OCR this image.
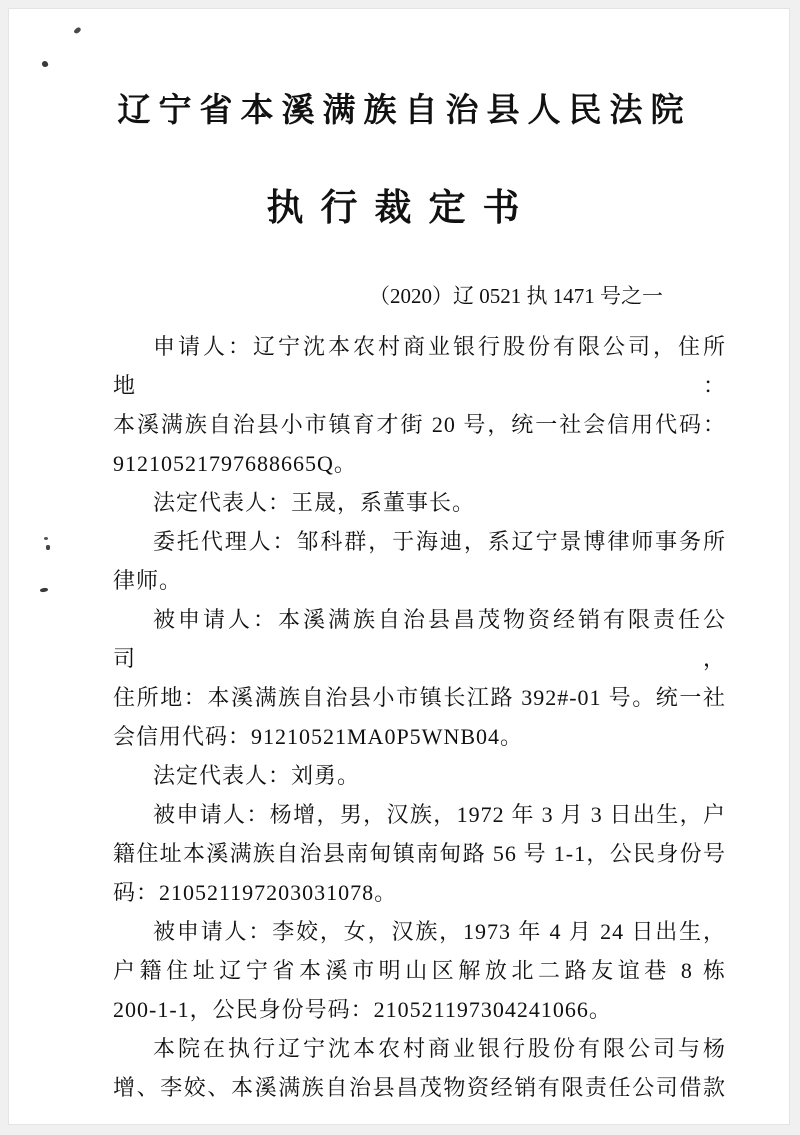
辽宁省本溪满族自治县人民法院
执行裁定书
（2020）辽 0521 执 1471 号之一
申请人：辽宁沈本农村商业银行股份有限公司，住所地：
本溪满族自治县小市镇育才街 20 号，统一社会信用代码：
91210521797688665Q。
法定代表人：王晟，系董事长。
委托代理人：邹科群，于海迪，系辽宁景博律师事务所
律师。
被申请人：本溪满族自治县昌茂物资经销有限责任公司，
住所地：本溪满族自治县小市镇长江路 392#-01 号。统一社
会信用代码：91210521MA0P5WNB04。
法定代表人：刘勇。
被申请人：杨增，男，汉族，1972 年 3 月 3 日出生，户
籍住址本溪满族自治县南甸镇南甸路 56 号 1-1，公民身份号
码：210521197203031078。
被申请人：李姣，女，汉族，1973 年 4 月 24 日出生，
户籍住址辽宁省本溪市明山区解放北二路友谊巷 8 栋
200-1-1，公民身份号码：210521197304241066。
本院在执行辽宁沈本农村商业银行股份有限公司与杨
增、李姣、本溪满族自治县昌茂物资经销有限责任公司借款
